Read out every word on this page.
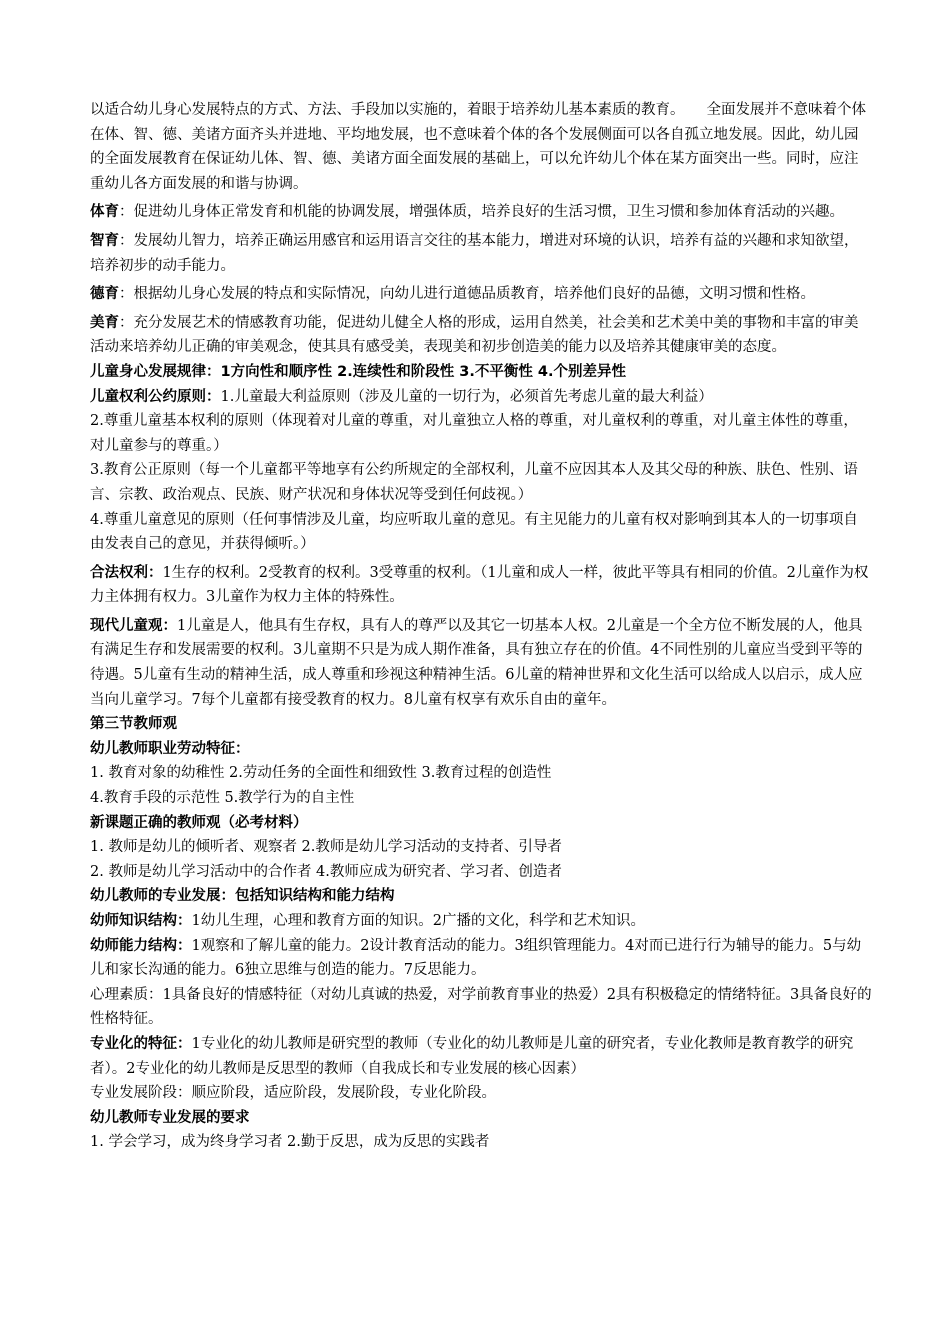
以适合幼儿身心发展特点的方式、方法、手段加以实施的，着眼于培养幼儿基本素质的教育。 全面发展并不意味着个体在体、智、德、美诸方面齐头并进地、平均地发展，也不意味着个体的各个发展侧面可以各自孤立地发展。因此，幼儿园的全面发展教育在保证幼儿体、智、德、美诸方面全面发展的基础上，可以允许幼儿个体在某方面突出一些。同时，应注重幼儿各方面发展的和谐与协调。

体育：促进幼儿身体正常发育和机能的协调发展，增强体质，培养良好的生活习惯，卫生习惯和参加体育活动的兴趣。

智育：发展幼儿智力，培养正确运用感官和运用语言交往的基本能力，增进对环境的认识，培养有益的兴趣和求知欲望，培养初步的动手能力。

德育：根据幼儿身心发展的特点和实际情况，向幼儿进行道德品质教育，培养他们良好的品德，文明习惯和性格。

美育：充分发展艺术的情感教育功能，促进幼儿健全人格的形成，运用自然美，社会美和艺术美中美的事物和丰富的审美活动来培养幼儿正确的审美观念，使其具有感受美，表现美和初步创造美的能力以及培养其健康审美的态度。

儿童身心发展规律：1方向性和顺序性 2.连续性和阶段性 3.不平衡性 4.个别差异性

儿童权利公约原则：1.儿童最大利益原则（涉及儿童的一切行为，必须首先考虑儿童的最大利益）

2.尊重儿童基本权利的原则（体现着对儿童的尊重，对儿童独立人格的尊重，对儿童权利的尊重，对儿童主体性的尊重，对儿童参与的尊重。）

3.教育公正原则（每一个儿童都平等地享有公约所规定的全部权利，儿童不应因其本人及其父母的种族、肤色、性别、语言、宗教、政治观点、民族、财产状况和身体状况等受到任何歧视。）

4.尊重儿童意见的原则（任何事情涉及儿童，均应听取儿童的意见。有主见能力的儿童有权对影响到其本人的一切事项自由发表自己的意见，并获得倾听。）

合法权利：1生存的权利。2受教育的权利。3受尊重的权利。（1儿童和成人一样，彼此平等具有相同的价值。2儿童作为权力主体拥有权力。3儿童作为权力主体的特殊性。

现代儿童观：1儿童是人，他具有生存权，具有人的尊严以及其它一切基本人权。2儿童是一个全方位不断发展的人，他具有满足生存和发展需要的权利。3儿童期不只是为成人期作准备，具有独立存在的价值。4不同性别的儿童应当受到平等的待遇。5儿童有生动的精神生活，成人尊重和珍视这种精神生活。6儿童的精神世界和文化生活可以给成人以启示，成人应当向儿童学习。7每个儿童都有接受教育的权力。8儿童有权享有欢乐自由的童年。

第三节教师观

幼儿教师职业劳动特征：

1. 教育对象的幼稚性 2.劳动任务的全面性和细致性 3.教育过程的创造性

4.教育手段的示范性 5.教学行为的自主性

新课题正确的教师观（必考材料）

1. 教师是幼儿的倾听者、观察者 2.教师是幼儿学习活动的支持者、引导者

2. 教师是幼儿学习活动中的合作者 4.教师应成为研究者、学习者、创造者

幼儿教师的专业发展：包括知识结构和能力结构

幼师知识结构：1幼儿生理，心理和教育方面的知识。2广播的文化，科学和艺术知识。

幼师能力结构：1观察和了解儿童的能力。2设计教育活动的能力。3组织管理能力。4对而已进行行为辅导的能力。5与幼儿和家长沟通的能力。6独立思维与创造的能力。7反思能力。

心理素质：1具备良好的情感特征（对幼儿真诚的热爱，对学前教育事业的热爱）2具有积极稳定的情绪特征。3具备良好的性格特征。

专业化的特征：1专业化的幼儿教师是研究型的教师（专业化的幼儿教师是儿童的研究者，专业化教师是教育教学的研究者）。2专业化的幼儿教师是反思型的教师（自我成长和专业发展的核心因素）

专业发展阶段：顺应阶段，适应阶段，发展阶段，专业化阶段。

幼儿教师专业发展的要求

1. 学会学习，成为终身学习者 2.勤于反思，成为反思的实践者
